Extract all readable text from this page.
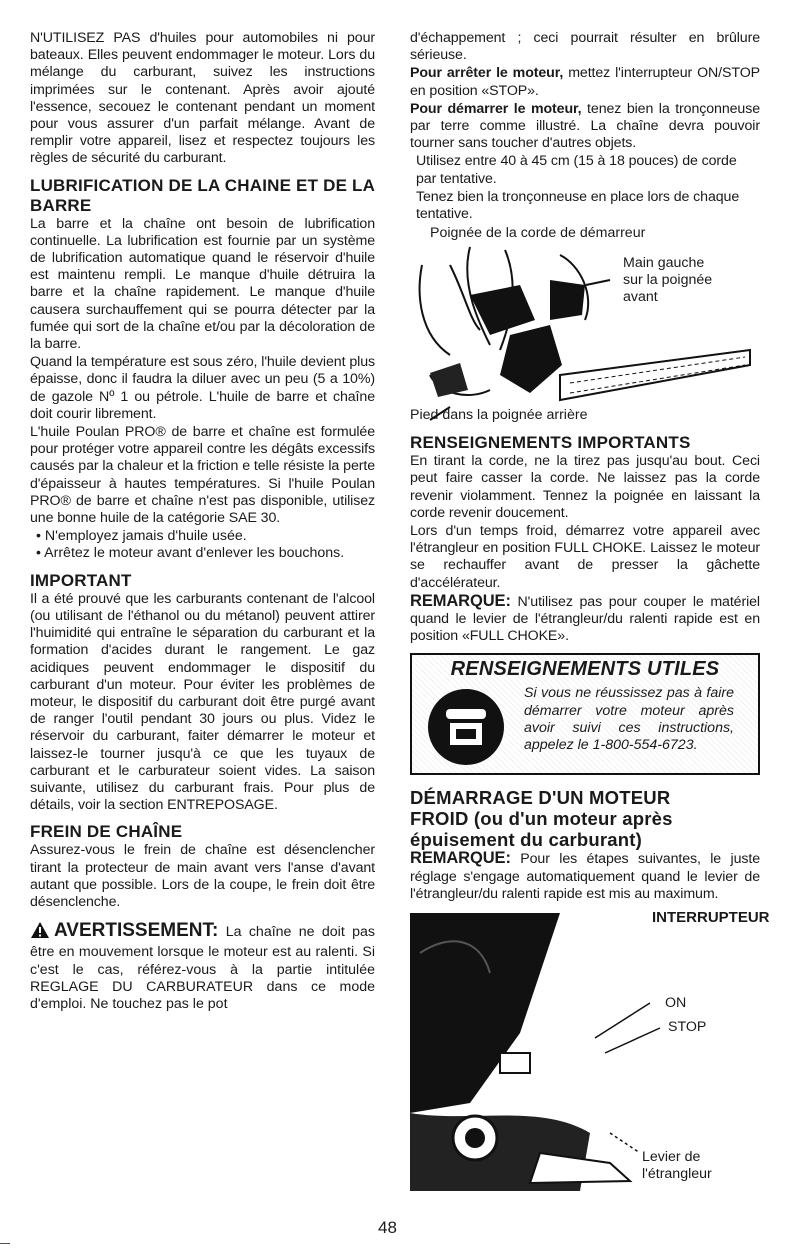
N'UTILISEZ PAS d'huiles pour automobiles ni pour bateaux. Elles peuvent endommager le moteur. Lors du mélange du carburant, suivez les instructions imprimées sur le contenant. Après avoir ajouté l'essence, secouez le contenant pendant un moment pour vous assurer d'un parfait mélange. Avant de remplir votre appareil, lisez et respectez toujours les règles de sécurité du carburant.

LUBRIFICATION DE LA CHAINE ET DE LA BARRE

La barre et la chaîne ont besoin de lubrification continuelle. La lubrification est fournie par un système de lubrification automatique quand le réservoir d'huile est maintenu rempli. Le manque d'huile détruira la barre et la chaîne rapidement. Le manque d'huile causera surchauffement qui se pourra détecter par la fumée qui sort de la chaîne et/ou par la décoloration de la barre.

Quand la température est sous zéro, l'huile devient plus épaisse, donc il faudra la diluer avec un peu (5 a 10%) de gazole Nº 1 ou pétrole. L'huile de barre et chaîne doit courir librement.

L'huile Poulan PRO® de barre et chaîne est formulée pour protéger votre appareil contre les dégâts excessifs causés par la chaleur et la friction e telle résiste la perte d'épaisseur à hautes températures. Si l'huile Poulan PRO® de barre et chaîne n'est pas disponible, utilisez une bonne huile de la catégorie SAE 30.

• N'employez jamais d'huile usée.
• Arrêtez le moteur avant d'enlever les bouchons.
IMPORTANT

Il a été prouvé que les carburants contenant de l'alcool (ou utilisant de l'éthanol ou du métanol) peuvent attirer l'huimidité qui entraîne le séparation du carburant et la formation d'acides durant le rangement. Le gaz acidiques peuvent endommager le dispositif du carburant d'un moteur. Pour éviter les problèmes de moteur, le dispositif du carburant doit être purgé avant de ranger l'outil pendant 30 jours ou plus. Videz le réservoir du carburant, faiter démarrer le moteur et laissez-le tourner jusqu'à ce que les tuyaux de carburant et le carburateur soient vides. La saison suivante, utilisez du carburant frais. Pour plus de détails, voir la section ENTREPOSAGE.

FREIN DE CHAÎNE

Assurez-vous le frein de chaîne est désenclencher tirant la protecteur de main avant vers l'anse d'avant autant que possible. Lors de la coupe, le frein doit être désenclenche.

AVERTISSEMENT: La chaîne ne doit pas être en mouvement lorsque le moteur est au ralenti. Si c'est le cas, référez-vous à la partie intitulée REGLAGE DU CARBURATEUR dans ce mode d'emploi. Ne touchez pas le pot

d'échappement ; ceci pourrait résulter en brûlure sérieuse.

Pour arrêter le moteur, mettez l'interrupteur ON/STOP en position «STOP».

Pour démarrer le moteur, tenez bien la tronçonneuse par terre comme illustré. La chaîne devra pouvoir tourner sans toucher d'autres objets.

Utilisez entre 40 à 45 cm (15 à 18 pouces) de corde par tentative.

Tenez bien la tronçonneuse en place lors de chaque tentative.

Poignée de la corde de démarreur
Main gauche sur la poignée avant
Pied dans la poignée arrière
RENSEIGNEMENTS IMPORTANTS

En tirant la corde, ne la tirez pas jusqu'au bout. Ceci peut faire casser la corde. Ne laissez pas la corde revenir violamment. Tennez la poignée en laissant la corde revenir doucement.

Lors d'un temps froid, démarrez votre appareil avec l'étrangleur en position FULL CHOKE. Laissez le moteur se rechauffer avant de presser la gâchette d'accélérateur.

REMARQUE: N'utilisez pas pour couper le matériel quand le levier de l'étrangleur/du ralenti rapide est en position «FULL CHOKE».

RENSEIGNEMENTS UTILES
Si vous ne réussissez pas à faire démarrer votre moteur après avoir suivi ces instructions, appelez le 1-800-554-6723.
DÉMARRAGE D'UN MOTEUR
FROID (ou d'un moteur après épuisement du carburant)

REMARQUE: Pour les étapes suivantes, le juste réglage s'engage automatiquement quand le levier de l'étrangleur/du ralenti rapide est mis au maximum.

INTERRUPTEUR
ON
STOP
Levier de l'étrangleur
48
